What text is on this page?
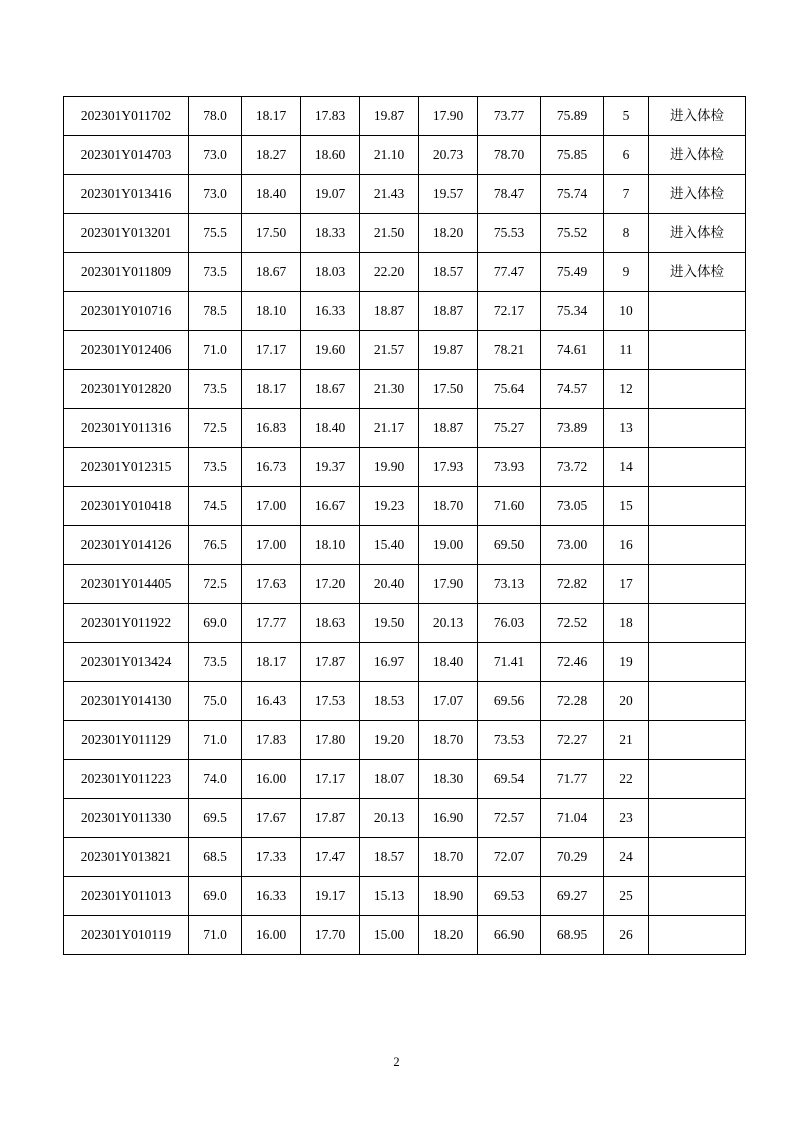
202301Y011702	78.0	18.17	17.83	19.87	17.90	73.77	75.89	5	进入体检
202301Y014703	73.0	18.27	18.60	21.10	20.73	78.70	75.85	6	进入体检
202301Y013416	73.0	18.40	19.07	21.43	19.57	78.47	75.74	7	进入体检
202301Y013201	75.5	17.50	18.33	21.50	18.20	75.53	75.52	8	进入体检
202301Y011809	73.5	18.67	18.03	22.20	18.57	77.47	75.49	9	进入体检
202301Y010716	78.5	18.10	16.33	18.87	18.87	72.17	75.34	10	
202301Y012406	71.0	17.17	19.60	21.57	19.87	78.21	74.61	11	
202301Y012820	73.5	18.17	18.67	21.30	17.50	75.64	74.57	12	
202301Y011316	72.5	16.83	18.40	21.17	18.87	75.27	73.89	13	
202301Y012315	73.5	16.73	19.37	19.90	17.93	73.93	73.72	14	
202301Y010418	74.5	17.00	16.67	19.23	18.70	71.60	73.05	15	
202301Y014126	76.5	17.00	18.10	15.40	19.00	69.50	73.00	16	
202301Y014405	72.5	17.63	17.20	20.40	17.90	73.13	72.82	17	
202301Y011922	69.0	17.77	18.63	19.50	20.13	76.03	72.52	18	
202301Y013424	73.5	18.17	17.87	16.97	18.40	71.41	72.46	19	
202301Y014130	75.0	16.43	17.53	18.53	17.07	69.56	72.28	20	
202301Y011129	71.0	17.83	17.80	19.20	18.70	73.53	72.27	21	
202301Y011223	74.0	16.00	17.17	18.07	18.30	69.54	71.77	22	
202301Y011330	69.5	17.67	17.87	20.13	16.90	72.57	71.04	23	
202301Y013821	68.5	17.33	17.47	18.57	18.70	72.07	70.29	24	
202301Y011013	69.0	16.33	19.17	15.13	18.90	69.53	69.27	25	
202301Y010119	71.0	16.00	17.70	15.00	18.20	66.90	68.95	26	
2
